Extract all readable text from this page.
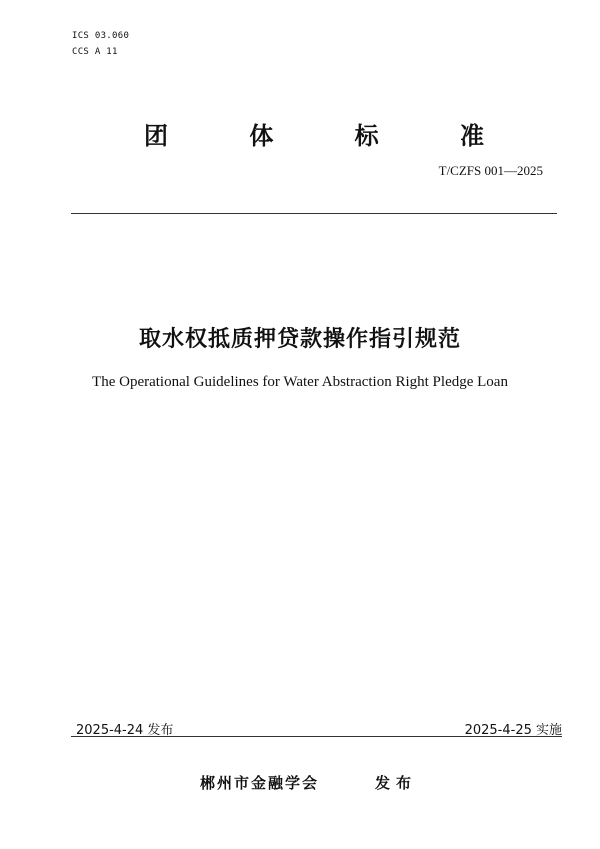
ICS 03.060
CCS A 11
团	体	标	准
T/CZFS 001—2025
取水权抵质押贷款操作指引规范
The Operational Guidelines for Water Abstraction Right Pledge Loan
2025-4-24 发布	2025-4-25 实施
郴州市金融学会	发布
